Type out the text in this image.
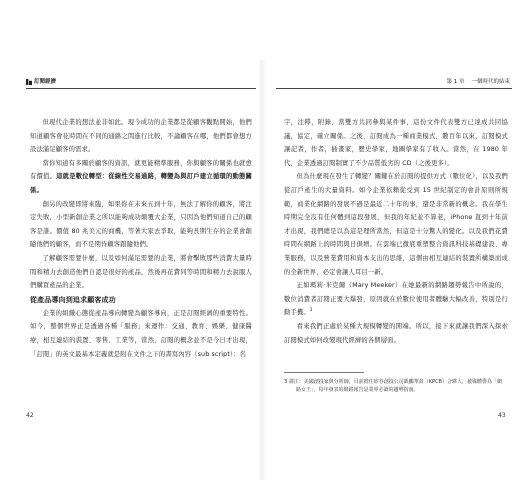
訂閱經濟

但現代企業的想法並非如此。現今成功的企業都是從顧客觀點開始，他們知道顧客會花時間在不同的通路之間進行比較，不論顧客在哪，他們都會想方設法滿足顧客的需求。

當你知道有多關於顧客的資訊，就更能精準服務，你與顧客的關係也就愈有價值。這就是數位轉型：從線性交易通路，轉變為與訂戶建立循環的動態關係。

創另的改變即將來臨，如果你在未來五到十年，無法了解你的顧客，將注定失敗，小型新創企業之所以能夠成功顛覆大企業，只因為他們知道自己的顧客是誰。價值 80 兆美元的商機，等著大家去爭取，能夠長期生存的企業會創隨他們的顧客，而不是期待顧客跟隨他們。

了解顧客需要什麼，以及如何滿足需要的企業，將會擊敗那些消費大量時間和精力去創造他們自認是很好的產品，然後再花費同等時間和精力去說服人們購買產品的企業。

從產品導向到追求顧客成功

企業的組織心態從產品導向轉變為顧客導向，正是訂閱經濟的重要特性。如今，整個世界正是透過各種「服務」來運作：交通、教育、娛樂、健康醫療，相互連結的裝置、零售、工業等，當然，訂閱的概念並不是今日才出現，「訂閱」的英文最基本定義就是附在文件之下的書寫內容（sub script）：名

42
第 1 章 一個時代的結束

字，注釋，附錄，當雙方共同參與某件事，這份文件代表雙方已達成共同協議，協定，確立關係。之後，訂閱成為一種商業模式，數百年以來，訂閱模式讓記者，作者，插畫家，歷史學家，地圖學家有了收入。當然，在 1980 年代，企業透過訂閱制實了不少品質低劣的 CD（之後更多）。

但為什麼現在發生了轉變？關鍵在於訂閱的提供方式（數位化），以及我們從訂戶產生的大量資料。如今企業依賴從受到 15 世紀制定的會計原則所規範，商業化網路的發展不過是最近二十年的事，還是非常新的概念。我在學生時期完全沒有任何體到這段發展，但我的年紀並不算老，iPhone 直到十年前才出現，我們總是以為這是理所當然，但這是十分驚人的變化。以及我們花費時間在網路上的時間與日俱增。在雲端已徹底重塑整合資訊科技基礎建設、專業服務，以及營業費用和資本支出的思維，這個由相互連結的裝置所構築而成的全新世界，必定會讓人耳目一新。

正如瑪莉·米克爾（Mary Meeker）在她最新的網路趨勢報告中所說的，數位消費者訂閱正要大爆發，原因就在於數位使用者體驗大幅改善，特別是行動手機。$^3$

看來我們正處於某種大規模轉變的開端。所以，接下來就讓我們深入探索訂閱模式如何改變現代經濟的各個層面。

3 譯注：美國創投家與分析師，目前擔任矽谷創投公司凱鵬華盈（KPCB）合夥人，被媒體譽為「網路女王」，每年發表的網路報告是業界必讀的趨勢指南。
43
